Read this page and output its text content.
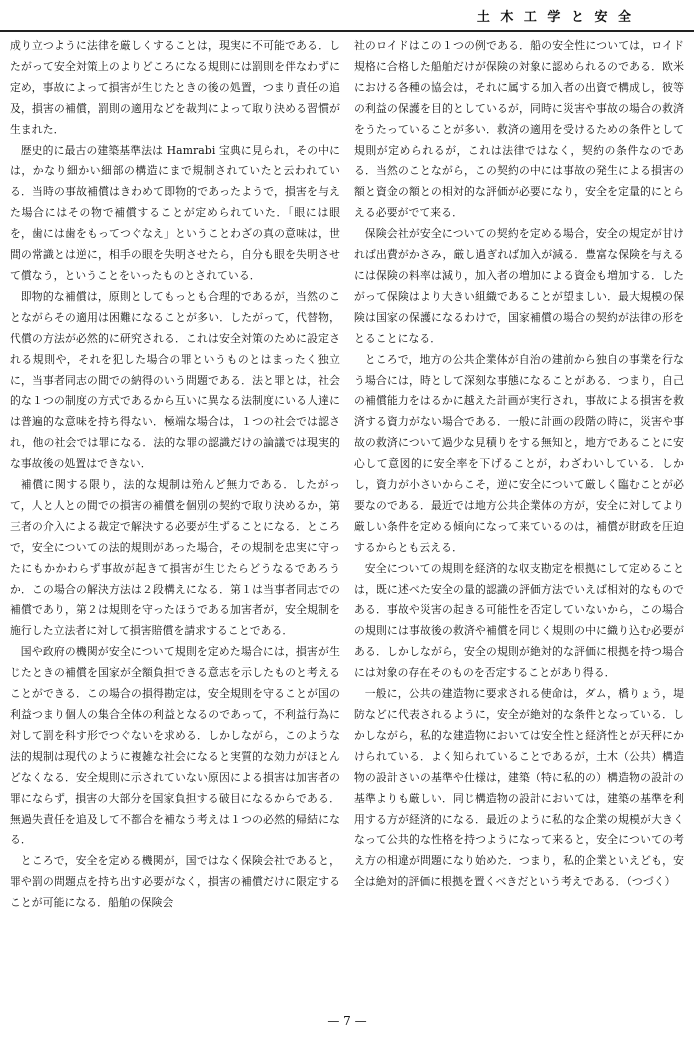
土 木 工 学 と 安 全

成り立つように法律を厳しくすることは，現実に不可能である．したがって安全対策上のよりどころになる規則には罰則を伴なわずに定め，事故によって損害が生じたときの後の処置，つまり責任の追及，損害の補償，罰則の適用などを裁判によって取り決める習慣が生まれた．

歴史的に最古の建築基準法は Hamrabi 宝典に見られ，その中には，かなり細かい細部の構造にまで規制されていたと云われている．当時の事故補償はきわめて即物的であったようで，損害を与えた場合にはその物で補償することが定められていた．「眼には眼を，歯には歯をもってつぐなえ」ということわざの真の意味は，世間の常識とは逆に，相手の眼を失明させたら，自分も眼を失明させて償なう，ということをいったものとされている．

即物的な補償は，原則としてもっとも合理的であるが，当然のことながらその適用は困難になることが多い．したがって，代替物，代償の方法が必然的に研究される．これは安全対策のために設定される規則や，それを犯した場合の罪というものとはまったく独立に，当事者同志の間での納得のいう問題である．法と罪とは，社会的な１つの制度の方式であるから互いに異なる法制度にいる人達には普遍的な意味を持ち得ない．極端な場合は，１つの社会では認され，他の社会では罪になる．法的な罪の認識だけの論議では現実的な事故後の処置はできない．

補償に関する限り，法的な規制は殆んど無力である．したがって，人と人との間での損害の補償を個別の契約で取り決めるか，第三者の介入による裁定で解決する必要が生ずることになる．ところで，安全についての法的規則があった場合，その規制を忠実に守ったにもかかわらず事故が起きて損害が生じたらどうなるであろうか．この場合の解決方法は２段構えになる．第１は当事者同志での補償であり，第２は規則を守ったほうである加害者が，安全規制を施行した立法者に対して損害賠償を請求することである．

国や政府の機関が安全について規則を定めた場合には，損害が生じたときの補償を国家が全額負担できる意志を示したものと考えることができる．この場合の損得勘定は，安全規則を守ることが国の利益つまり個人の集合全体の利益となるのであって，不利益行為に対して罰を科す形でつぐないを求める．しかしながら，このような法的規制は現代のように複雑な社会になると実質的な効力がほとんどなくなる．安全規則に示されていない原因による損害は加害者の罪にならず，損害の大部分を国家負担する破目になるからである．無過失責任を追及して不都合を補なう考えは１つの必然的帰結になる．

ところで，安全を定める機関が，国ではなく保険会社であると，罪や罰の問題点を持ち出す必要がなく，損害の補償だけに限定することが可能になる．船舶の保険会

社のロイドはこの１つの例である．船の安全性については，ロイド規格に合格した船舶だけが保険の対象に認められるのである．欧米における各種の協会は，それに属する加入者の出資で構成し，彼等の利益の保護を目的としているが，同時に災害や事故の場合の救済をうたっていることが多い．救済の適用を受けるための条件として規則が定められるが，これは法律ではなく，契約の条件なのである．当然のことながら，この契約の中には事故の発生による損害の額と資金の額との相対的な評価が必要になり，安全を定量的にとらえる必要がでて来る．

保険会社が安全についての契約を定める場合，安全の規定が甘ければ出費がかさみ，厳し過ぎれば加入が減る．豊富な保険を与えるには保険の料率は減り，加入者の増加による資金も増加する．したがって保険はより大きい組織であることが望ましい．最大規模の保険は国家の保護になるわけで，国家補償の場合の契約が法律の形をとることになる．

ところで，地方の公共企業体が自治の建前から独自の事業を行なう場合には，時として深刻な事態になることがある．つまり，自己の補償能力をはるかに越えた計画が実行され，事故による損害を救済する資力がない場合である．一般に計画の段階の時に，災害や事故の救済について過少な見積りをする無知と，地方であることに安心して意図的に安全率を下げることが，わざわいしている．しかし，資力が小さいからこそ，逆に安全について厳しく臨むことが必要なのである．最近では地方公共企業体の方が，安全に対してより厳しい条件を定める傾向になって来ているのは，補償が財政を圧迫するからとも云える．

安全についての規則を経済的な収支勘定を根拠にして定めることは，既に述べた安全の量的認識の評価方法でいえば相対的なものである．事故や災害の起きる可能性を否定していないから，この場合の規則には事故後の救済や補償を同じく規則の中に織り込む必要がある．しかしながら，安全の規則が絶対的な評価に根拠を持つ場合には対象の存在そのものを否定することがあり得る．

一般に，公共の建造物に要求される使命は，ダム，橋りょう，堤防などに代表されるように，安全が絶対的な条件となっている．しかしながら，私的な建造物においては安全性と経済性とが天秤にかけられている．よく知られていることであるが，土木（公共）構造物の設計さいの基準や仕様は，建築（特に私的の）構造物の設計の基準よりも厳しい．同じ構造物の設計においては，建築の基準を利用する方が経済的になる．最近のように私的な企業の規模が大きくなって公共的な性格を持つようになって来ると，安全についての考え方の相違が問題になり始めた．つまり，私的企業といえども，安全は絶対的評価に根拠を置くべきだという考えである．（つづく）

— 7 —
